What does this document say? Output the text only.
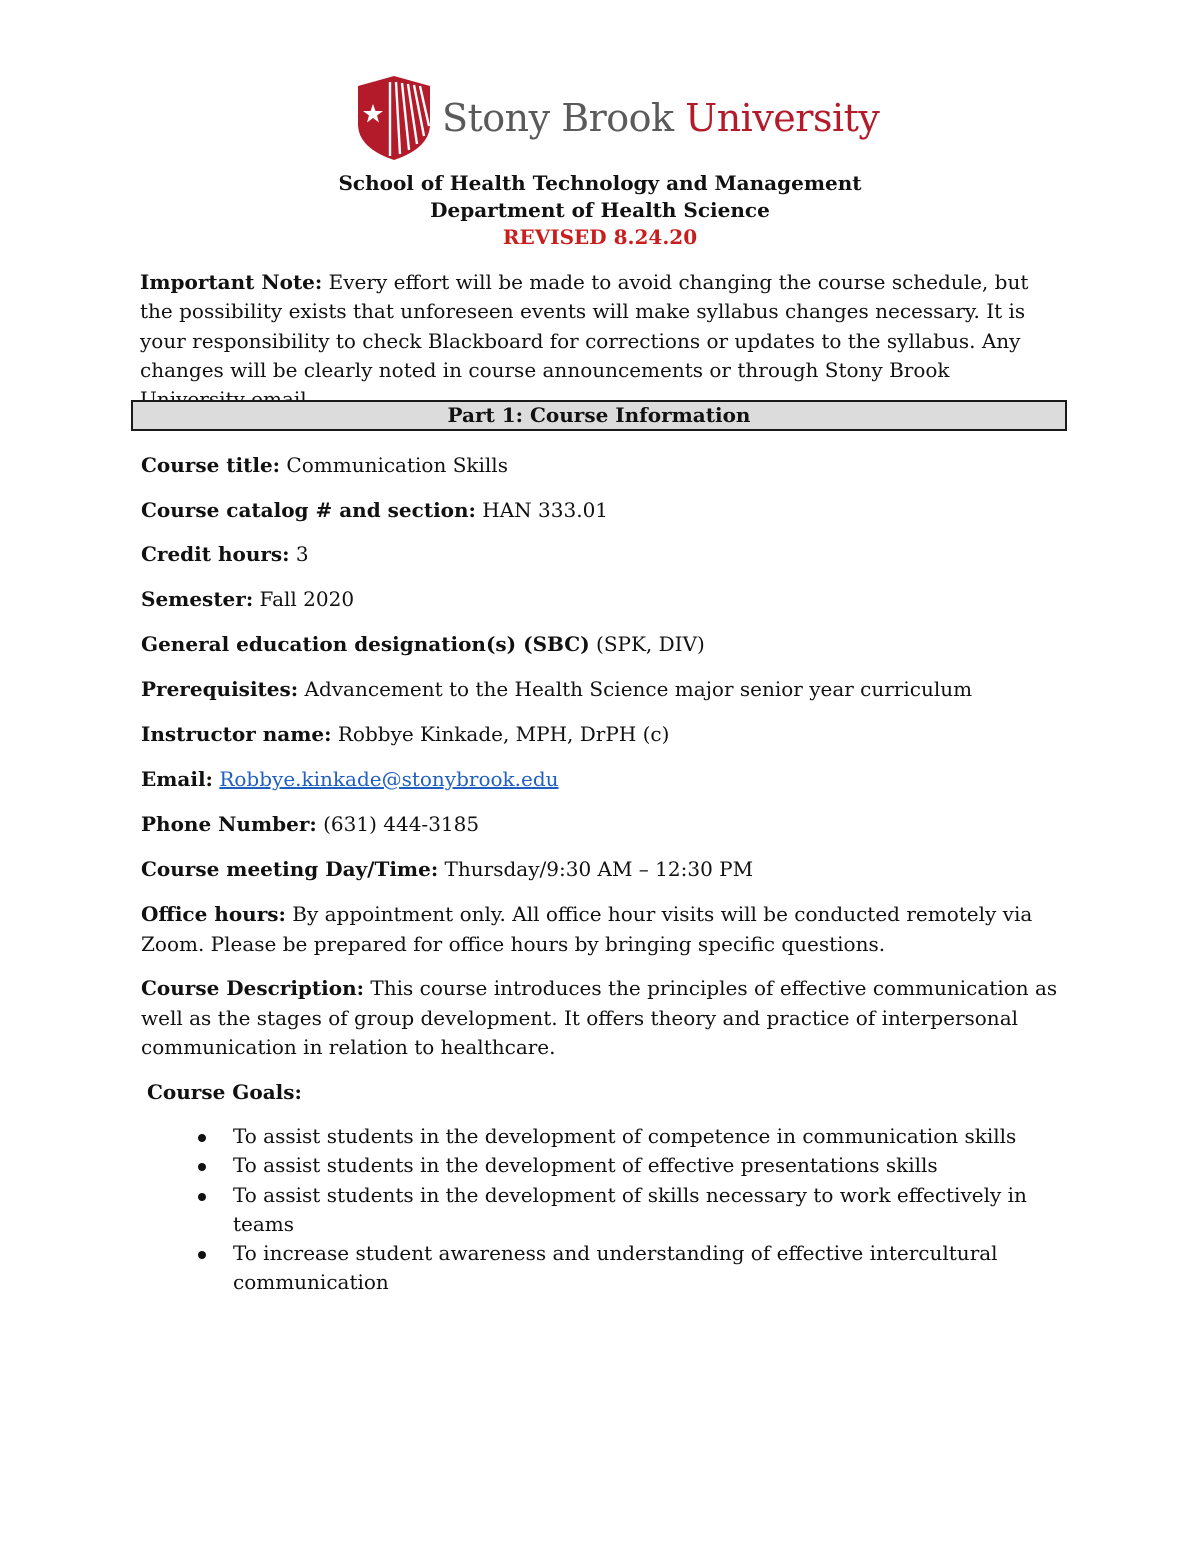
Stony Brook University
School of Health Technology and Management
Department of Health Science
REVISED 8.24.20
Important Note: Every effort will be made to avoid changing the course schedule, but the possibility exists that unforeseen events will make syllabus changes necessary. It is your responsibility to check Blackboard for corrections or updates to the syllabus. Any changes will be clearly noted in course announcements or through Stony Brook
Part 1: Course Information
Course title: Communication Skills
Course catalog # and section: HAN 333.01
Credit hours: 3
Semester: Fall 2020
General education designation(s) (SBC) (SPK, DIV)
Prerequisites: Advancement to the Health Science major senior year curriculum
Instructor name: Robbye Kinkade, MPH, DrPH (c)
Email: Robbye.kinkade@stonybrook.edu
Phone Number: (631) 444-3185
Course meeting Day/Time: Thursday/9:30 AM – 12:30 PM
Office hours: By appointment only. All office hour visits will be conducted remotely via Zoom. Please be prepared for office hours by bringing specific questions.
Course Description: This course introduces the principles of effective communication as well as the stages of group development. It offers theory and practice of interpersonal communication in relation to healthcare.
Course Goals:
To assist students in the development of competence in communication skills
To assist students in the development of effective presentations skills
To assist students in the development of skills necessary to work effectively in teams
To increase student awareness and understanding of effective intercultural communication
